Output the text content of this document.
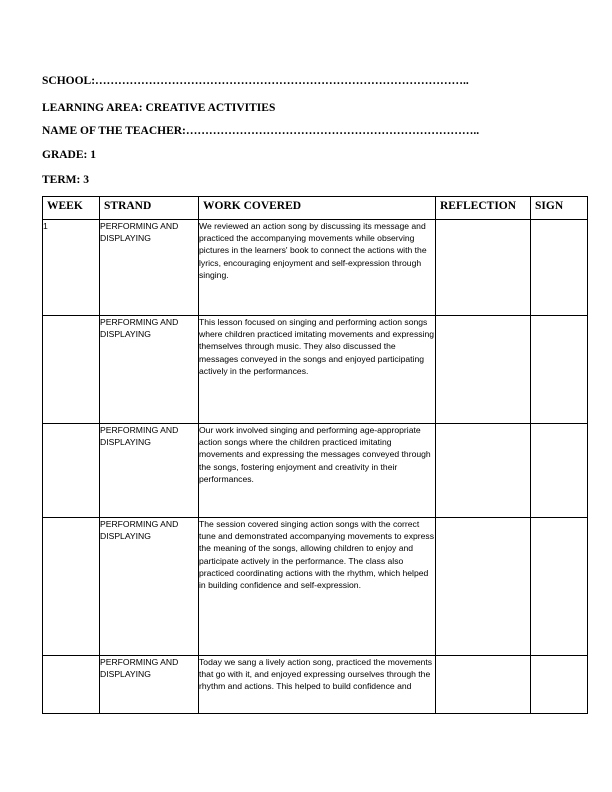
SCHOOL:……………………………………………………………………………………..
LEARNING AREA: CREATIVE ACTIVITIES
NAME OF THE TEACHER:…………………………………………………………………..
GRADE: 1
TERM: 3
WEEK	STRAND	WORK COVERED	REFLECTION	SIGN
1	PERFORMING AND DISPLAYING	We reviewed an action song by discussing its message and practiced the accompanying movements while observing pictures in the learners' book to connect the actions with the lyrics, encouraging enjoyment and self-expression through singing.		
	PERFORMING AND DISPLAYING	This lesson focused on singing and performing action songs where children practiced imitating movements and expressing themselves through music. They also discussed the messages conveyed in the songs and enjoyed participating actively in the performances.		
	PERFORMING AND DISPLAYING	Our work involved singing and performing age-appropriate action songs where the children practiced imitating movements and expressing the messages conveyed through the songs, fostering enjoyment and creativity in their performances.		
	PERFORMING AND DISPLAYING	The session covered singing action songs with the correct tune and demonstrated accompanying movements to express the meaning of the songs, allowing children to enjoy and participate actively in the performance. The class also practiced coordinating actions with the rhythm, which helped in building confidence and self-expression.		
	PERFORMING AND DISPLAYING	Today we sang a lively action song, practiced the movements that go with it, and enjoyed expressing ourselves through the rhythm and actions. This helped to build confidence and		
